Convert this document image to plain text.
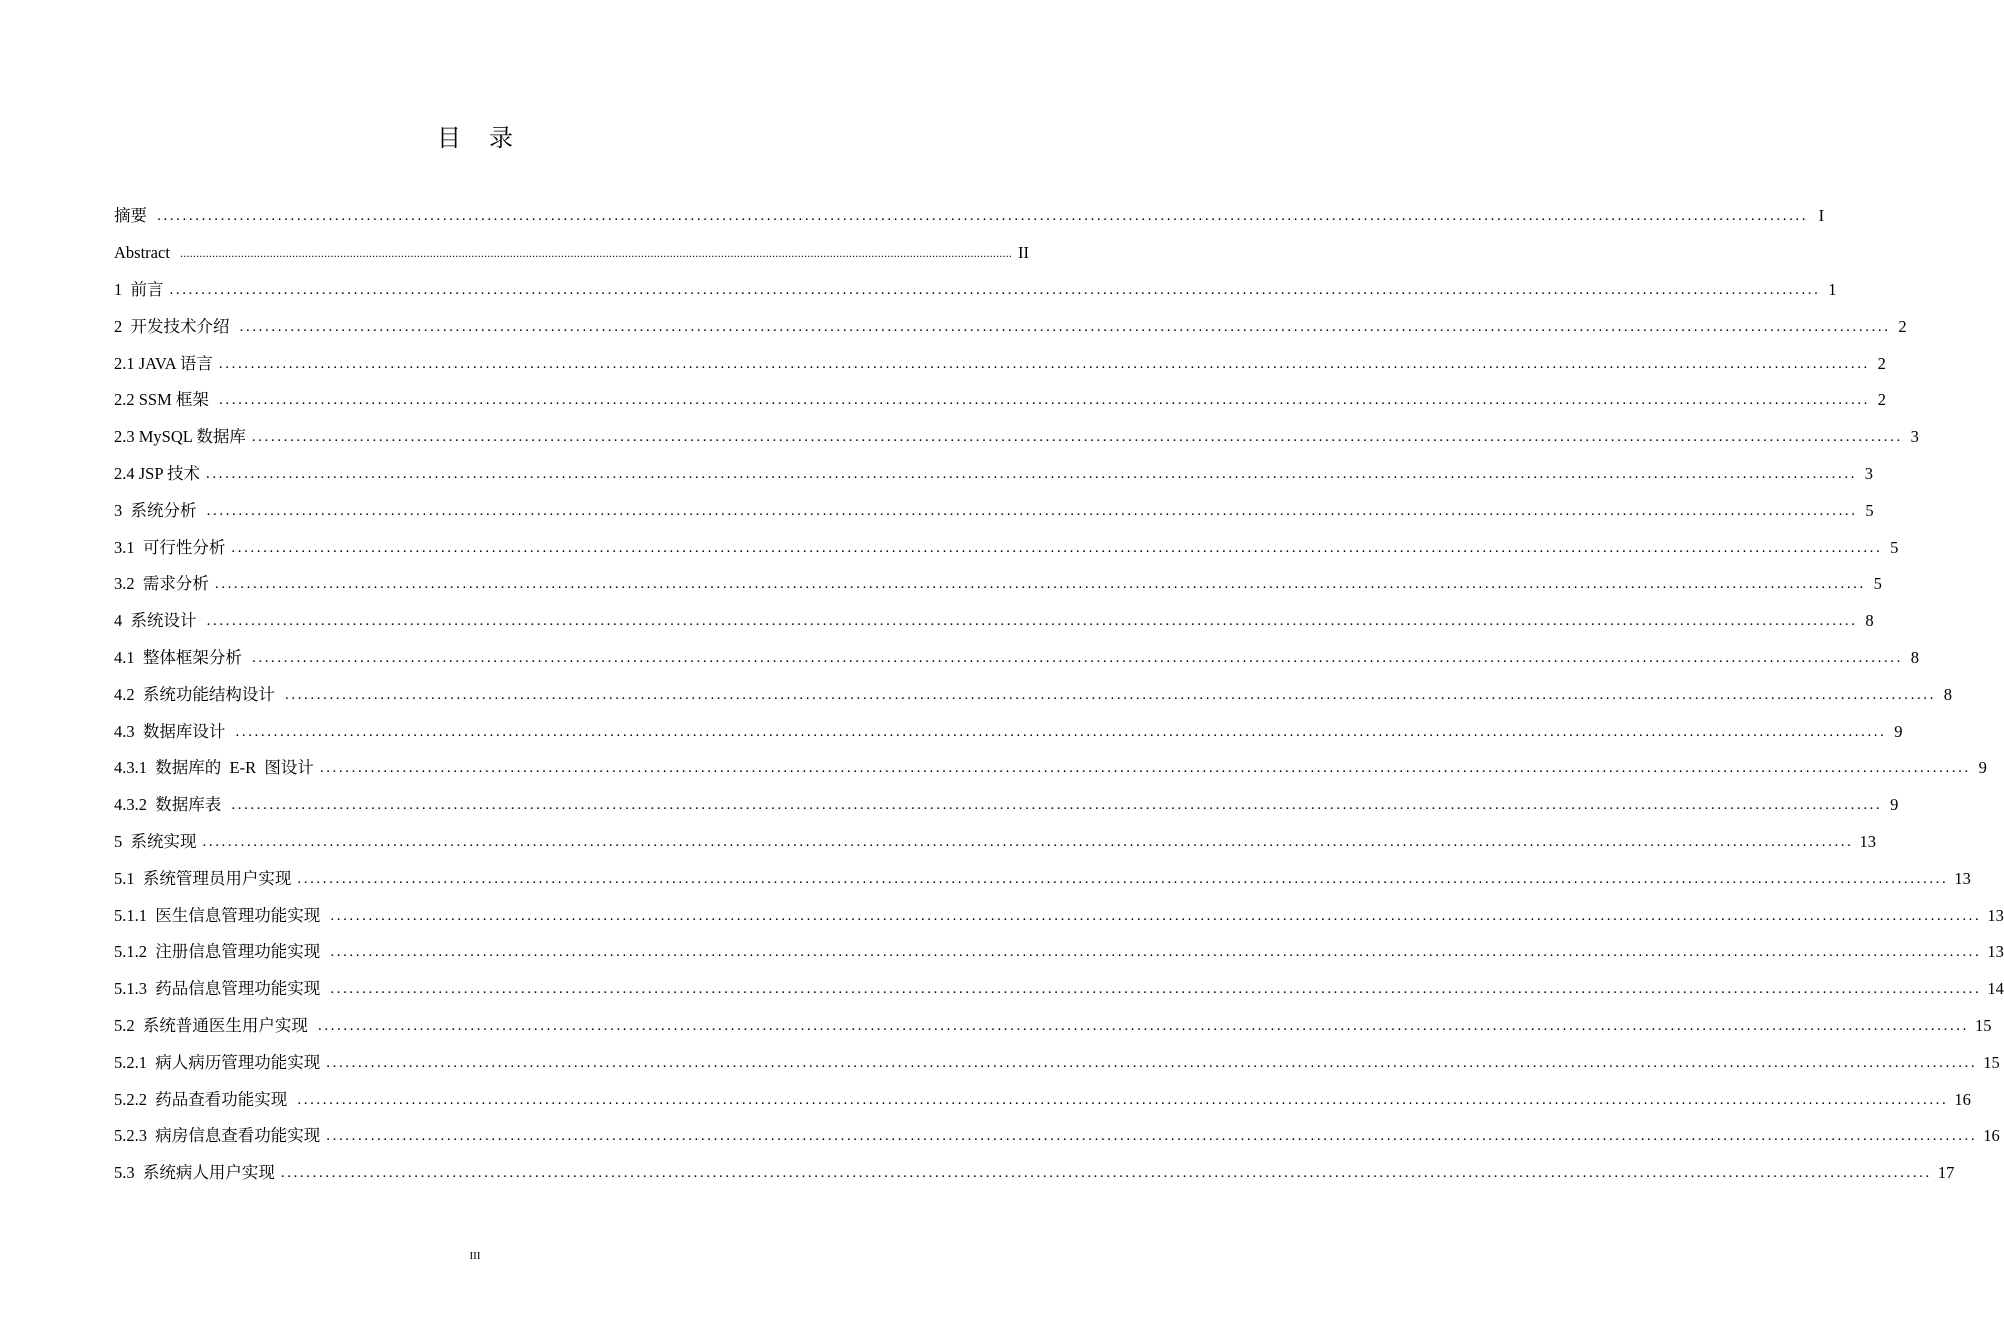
目 录
摘要 .................................................................................................................................................................................................................................................................... I
Abstract .................................................................................................................................................................................................................................................................... II
1  前言 .................................................................................................................................................................................................................................................................... 1
2  开发技术介绍 .................................................................................................................................................................................................................................................................... 2
2.1 JAVA 语言 .................................................................................................................................................................................................................................................................... 2
2.2 SSM 框架 .................................................................................................................................................................................................................................................................... 2
2.3 MySQL 数据库 .................................................................................................................................................................................................................................................................... 3
2.4 JSP 技术 .................................................................................................................................................................................................................................................................... 3
3  系统分析 .................................................................................................................................................................................................................................................................... 5
3.1  可行性分析 .................................................................................................................................................................................................................................................................... 5
3.2  需求分析 .................................................................................................................................................................................................................................................................... 5
4  系统设计 .................................................................................................................................................................................................................................................................... 8
4.1  整体框架分析 .................................................................................................................................................................................................................................................................... 8
4.2  系统功能结构设计 .................................................................................................................................................................................................................................................................... 8
4.3  数据库设计 .................................................................................................................................................................................................................................................................... 9
4.3.1  数据库的  E-R  图设计 .................................................................................................................................................................................................................................................................... 9
4.3.2  数据库表 .................................................................................................................................................................................................................................................................... 9
5  系统实现 .................................................................................................................................................................................................................................................................... 13
5.1  系统管理员用户实现 .................................................................................................................................................................................................................................................................... 13
5.1.1  医生信息管理功能实现 .................................................................................................................................................................................................................................................................... 13
5.1.2  注册信息管理功能实现 .................................................................................................................................................................................................................................................................... 13
5.1.3  药品信息管理功能实现 .................................................................................................................................................................................................................................................................... 14
5.2  系统普通医生用户实现 .................................................................................................................................................................................................................................................................... 15
5.2.1  病人病历管理功能实现 .................................................................................................................................................................................................................................................................... 15
5.2.2  药品查看功能实现 .................................................................................................................................................................................................................................................................... 16
5.2.3  病房信息查看功能实现 .................................................................................................................................................................................................................................................................... 16
5.3  系统病人用户实现 .................................................................................................................................................................................................................................................................... 17
III
